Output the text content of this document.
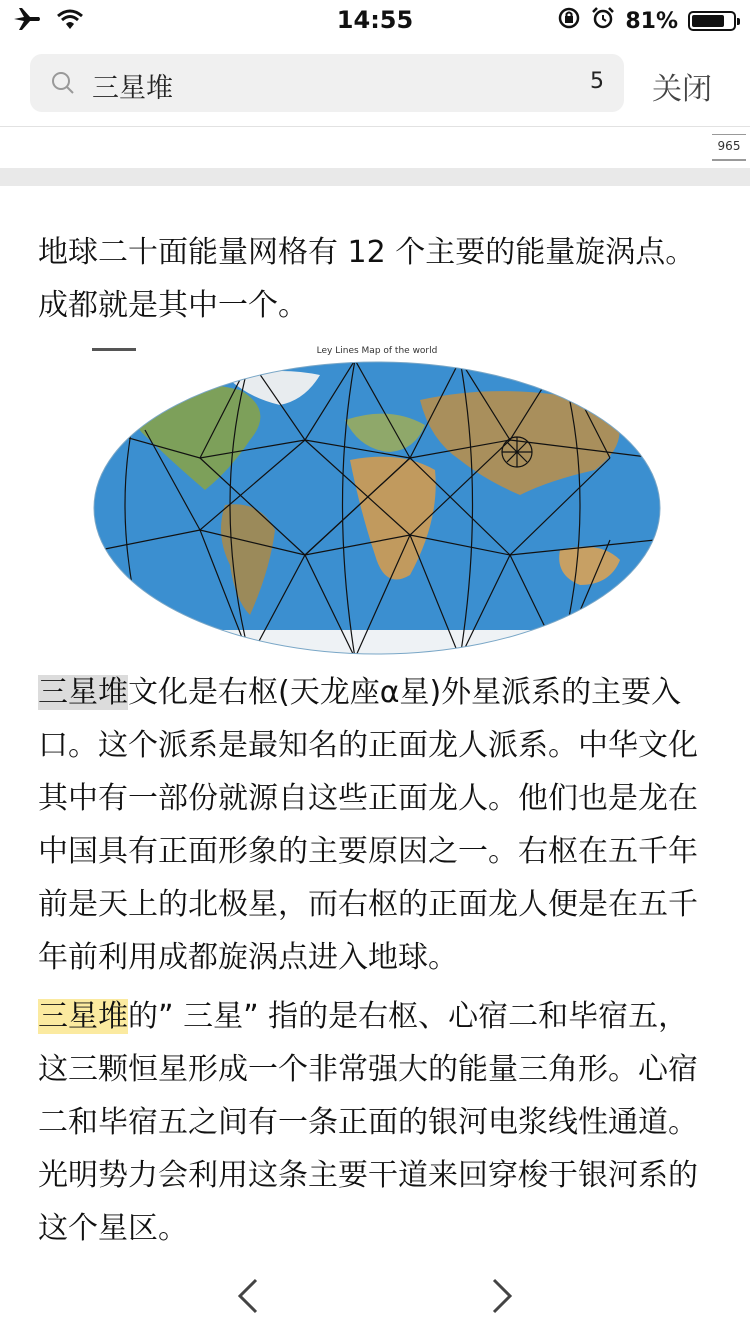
14:55	81%
三星堆	5 关闭
965

地球二十面能量网格有 12 个主要的能量旋涡点。成都就是其中一个。

Ley Lines Map of the world

三星堆文化是右枢(天龙座α星)外星派系的主要入口。这个派系是最知名的正面龙人派系。中华文化其中有一部份就源自这些正面龙人。他们也是龙在中国具有正面形象的主要原因之一。右枢在五千年前是天上的北极星，而右枢的正面龙人便是在五千年前利用成都旋涡点进入地球。

三星堆的” 三星” 指的是右枢、心宿二和毕宿五，这三颗恒星形成一个非常强大的能量三角形。心宿二和毕宿五之间有一条正面的银河电浆线性通道。光明势力会利用这条主要干道来回穿梭于银河系的这个星区。
